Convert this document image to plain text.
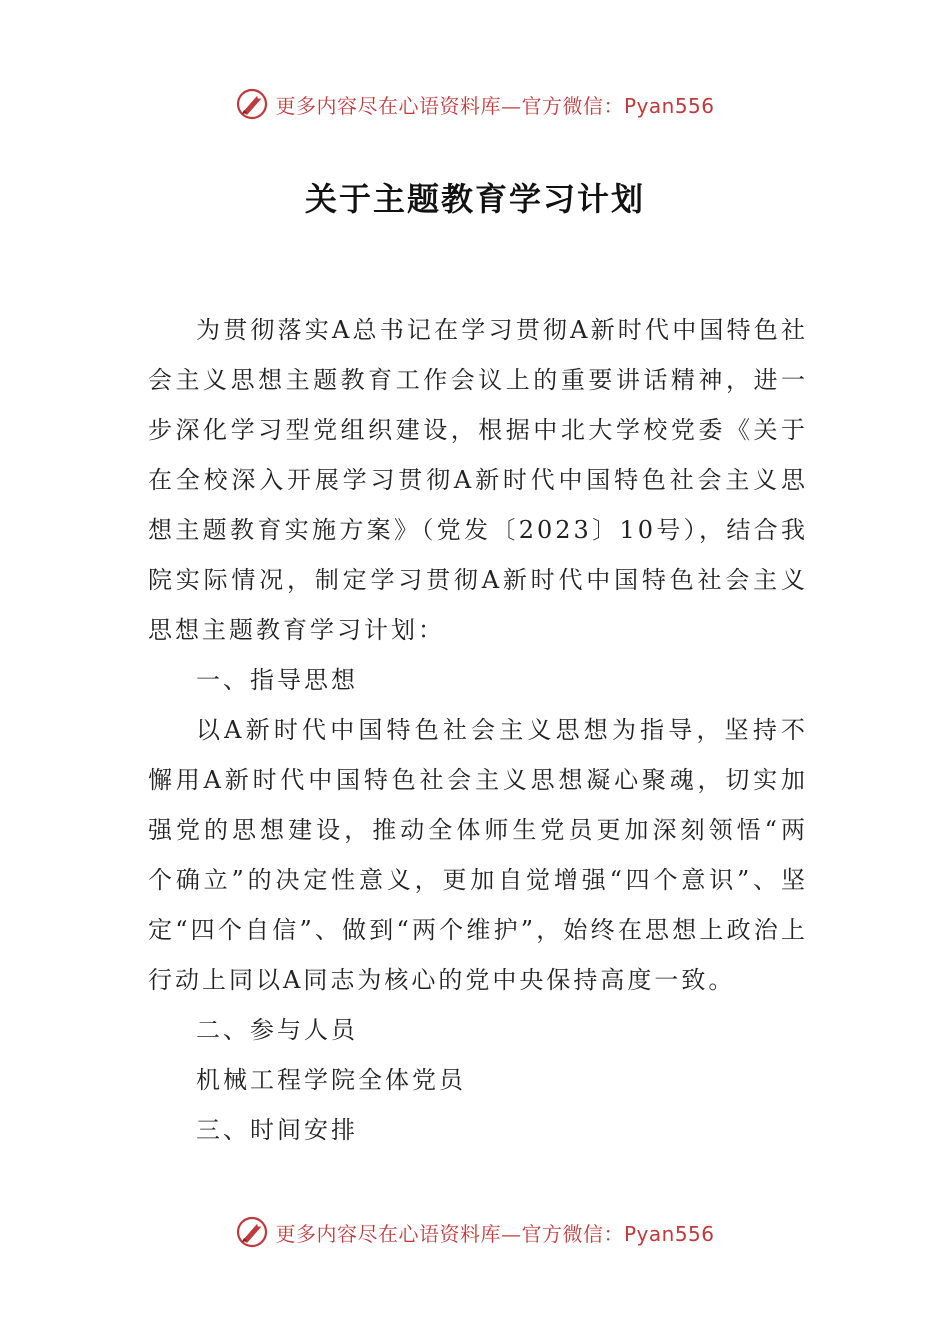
更多内容尽在心语资料库—官方微信：Pyan556
关于主题教育学习计划

为贯彻落实A总书记在学习贯彻A新时代中国特色社会主义思想主题教育工作会议上的重要讲话精神，进一步深化学习型党组织建设，根据中北大学校党委《关于在全校深入开展学习贯彻A新时代中国特色社会主义思想主题教育实施方案》（党发〔2023〕10号），结合我院实际情况，制定学习贯彻A新时代中国特色社会主义思想主题教育学习计划：

一、指导思想

以A新时代中国特色社会主义思想为指导，坚持不懈用A新时代中国特色社会主义思想凝心聚魂，切实加强党的思想建设，推动全体师生党员更加深刻领悟“两个确立”的决定性意义，更加自觉增强“四个意识”、坚定“四个自信”、做到“两个维护”，始终在思想上政治上行动上同以A同志为核心的党中央保持高度一致。

二、参与人员

机械工程学院全体党员

三、时间安排

更多内容尽在心语资料库—官方微信：Pyan556
